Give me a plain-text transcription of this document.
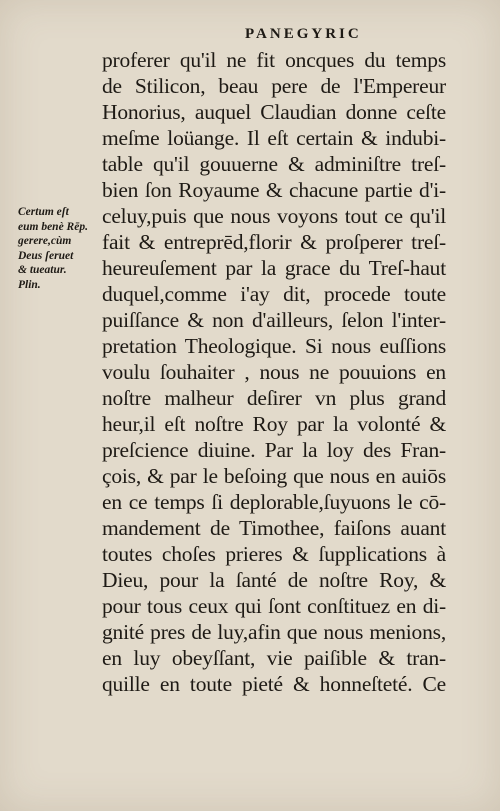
PANEGYRIC
Certum eſt
eum benè Rēp.
gerere,cùm
Deus ſeruet
& tueatur.
Plin.
proferer qu'il ne fit oncques du temps
de Stilicon, beau pere de l'Empereur
Honorius, auquel Claudian donne ceſte
meſme loüange. Il eſt certain & indubi-
table qu'il gouuerne & adminiſtre treſ-
bien ſon Royaume & chacune partie d'i-
celuy,puis que nous voyons tout ce qu'il
fait & entreprēd,florir & proſperer treſ-
heureuſement par la grace du Treſ-haut
duquel,comme i'ay dit, procede toute
puiſſance & non d'ailleurs, ſelon l'inter-
pretation Theologique. Si nous euſſions
voulu ſouhaiter , nous ne pouuions en
noſtre malheur deſirer vn plus grand
heur,il eſt noſtre Roy par la volonté &
preſcience diuine. Par la loy des Fran-
çois, & par le beſoing que nous en auiōs
en ce temps ſi deplorable,ſuyuons le cō-
mandement de Timothee, faiſons auant
toutes choſes prieres & ſupplications à
Dieu, pour la ſanté de noſtre Roy, &
pour tous ceux qui ſont conſtituez en di-
gnité pres de luy,afin que nous menions,
en luy obeyſſant, vie paiſible & tran-
quille en toute pieté & honneſteté. Ce
